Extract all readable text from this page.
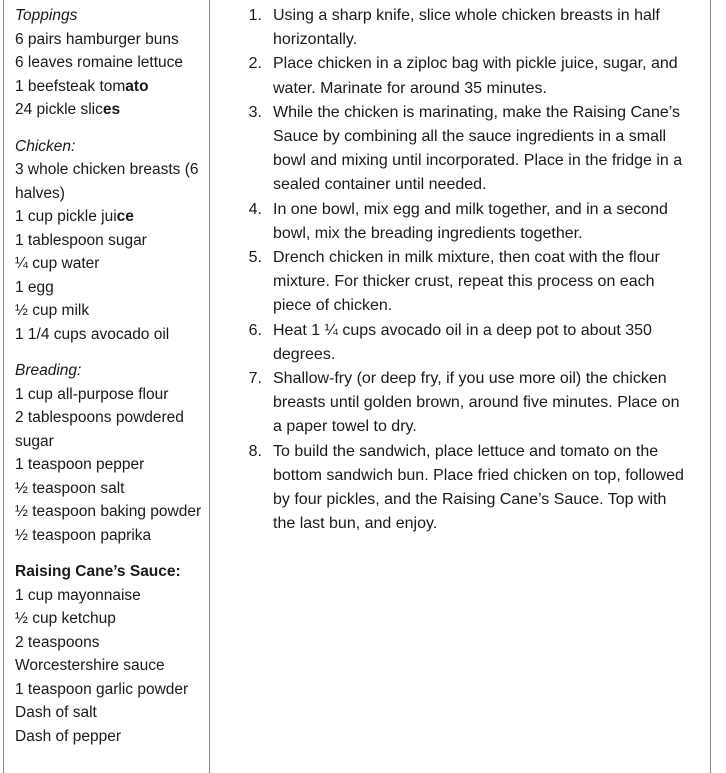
Toppings
6 pairs hamburger buns
6 leaves romaine lettuce
1 beefsteak tomato
24 pickle slices
Chicken:
3 whole chicken breasts (6 halves)
1 cup pickle juice
1 tablespoon sugar
¼ cup water
1 egg
½ cup milk
1 1/4 cups avocado oil
Breading:
1 cup all-purpose flour
2 tablespoons powdered sugar
1 teaspoon pepper
½ teaspoon salt
½ teaspoon baking powder
½ teaspoon paprika
Raising Cane’s Sauce:
1 cup mayonnaise
½ cup ketchup
2 teaspoons Worcestershire sauce
1 teaspoon garlic powder
Dash of salt
Dash of pepper
1. Using a sharp knife, slice whole chicken breasts in half horizontally.
2. Place chicken in a ziploc bag with pickle juice, sugar, and water. Marinate for around 35 minutes.
3. While the chicken is marinating, make the Raising Cane’s Sauce by combining all the sauce ingredients in a small bowl and mixing until incorporated. Place in the fridge in a sealed container until needed.
4. In one bowl, mix egg and milk together, and in a second bowl, mix the breading ingredients together.
5. Drench chicken in milk mixture, then coat with the flour mixture. For thicker crust, repeat this process on each piece of chicken.
6. Heat 1 ¼ cups avocado oil in a deep pot to about 350 degrees.
7. Shallow-fry (or deep fry, if you use more oil) the chicken breasts until golden brown, around five minutes. Place on a paper towel to dry.
8. To build the sandwich, place lettuce and tomato on the bottom sandwich bun. Place fried chicken on top, followed by four pickles, and the Raising Cane’s Sauce. Top with the last bun, and enjoy.
